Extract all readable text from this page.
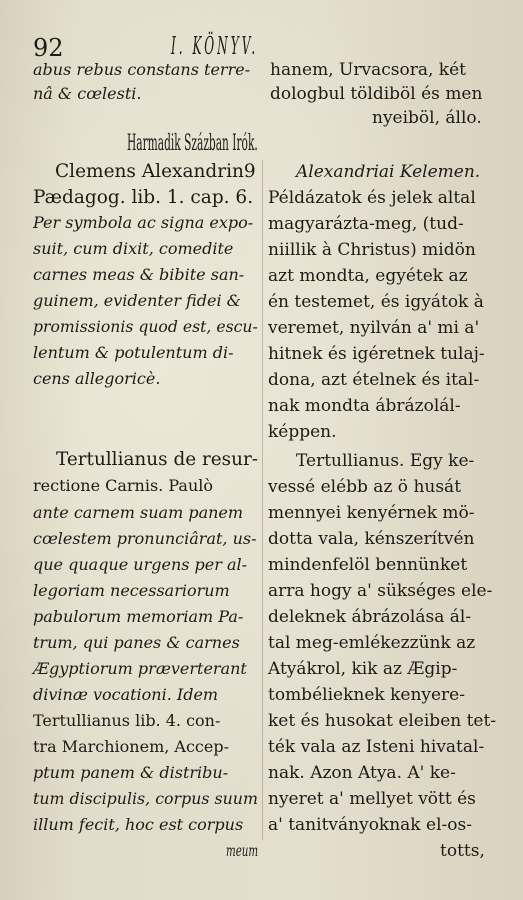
92	I. KÖNYV.
abus rebus constans terre-
nâ & cœlesti.
hanem, Urvacsora, két
dologbul töldiböl és men
nyeiböl, állo.
Harmadik Százban Irók.
Clemens Alexandrin9 Alexandriai Kelemen.
Pædagog. lib. 1. cap. 6.
Per symbola ac signa expo-
suit, cum dixit, comedite
carnes meas & bibite san-
guinem, evidenter fidei &
promissionis quod est, escu-
lentum & potulentum di-
cens allegoricè.
Példázatok és jelek altal
magyarázta-meg, (tud-
niillik à Christus) midön
azt mondta, egyétek az
én testemet, és igyátok à
veremet, nyilván a' mi a'
hitnek és igéretnek tulaj-
dona, azt ételnek és ital-
nak mondta ábrázolál-
képpen.
Tertullianus de resur-
rectione Carnis. Paulò
ante carnem suam panem
cœlestem pronunciârat, us-
que quaque urgens per al-
legoriam necessariorum
pabulorum memoriam Pa-
trum, qui panes & carnes
Ægyptiorum præverterant
divinæ vocationi. Idem
Tertullianus lib. 4. con-
tra Marchionem, Accep-
ptum panem & distribu-
tum discipulis, corpus suum
illum fecit, hoc est corpus
Tertullianus. Egy ke-
vessé elébb az ö husát
mennyei kenyérnek mö-
dotta vala, kénszerítvén
mindenfelöl bennünket
arra hogy a' sükséges ele-
deleknek ábrázolása ál-
tal meg-emlékezzünk az
Atyákrol, kik az Ægip-
tombélieknek kenyere-
ket és husokat eleiben tet-
ték vala az Isteni hivatal-
nak. Azon Atya. A' ke-
nyeret a' mellyet vött és
a' tanitványoknak el-os-
meum	totts,
